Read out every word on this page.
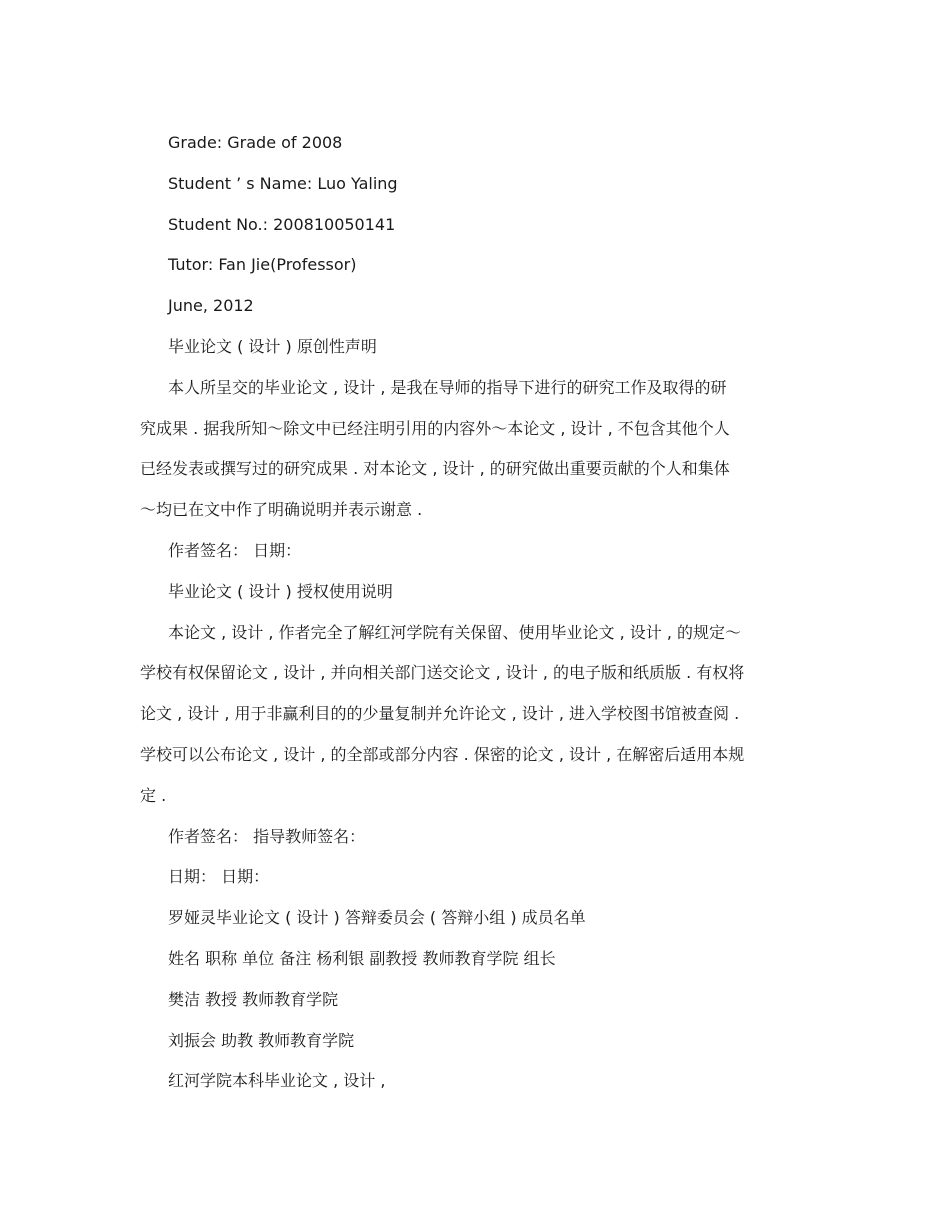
Grade: Grade of 2008
Student ’ s Name: Luo Yaling
Student No.: 200810050141
Tutor: Fan Jie(Professor)
June, 2012
毕业论文 ( 设计 ) 原创性声明
本人所呈交的毕业论文 , 设计 , 是我在导师的指导下进行的研究工作及取得的研
究成果 . 据我所知～除文中已经注明引用的内容外～本论文 , 设计 , 不包含其他个人
已经发表或撰写过的研究成果 . 对本论文 , 设计 , 的研究做出重要贡献的个人和集体
～均已在文中作了明确说明并表示谢意 .
作者签名： 日期：
毕业论文 ( 设计 ) 授权使用说明
本论文 , 设计 , 作者完全了解红河学院有关保留、使用毕业论文 , 设计 , 的规定～
学校有权保留论文 , 设计 , 并向相关部门送交论文 , 设计 , 的电子版和纸质版 . 有权将
论文 , 设计 , 用于非赢利目的的少量复制并允许论文 , 设计 , 进入学校图书馆被查阅 .
学校可以公布论文 , 设计 , 的全部或部分内容 . 保密的论文 , 设计 , 在解密后适用本规
定 .
作者签名： 指导教师签名：
日期： 日期：
罗娅灵毕业论文 ( 设计 ) 答辩委员会 ( 答辩小组 ) 成员名单
姓名 职称 单位 备注 杨利银 副教授 教师教育学院 组长
樊洁 教授 教师教育学院
刘振会 助教 教师教育学院
红河学院本科毕业论文 , 设计 ,
